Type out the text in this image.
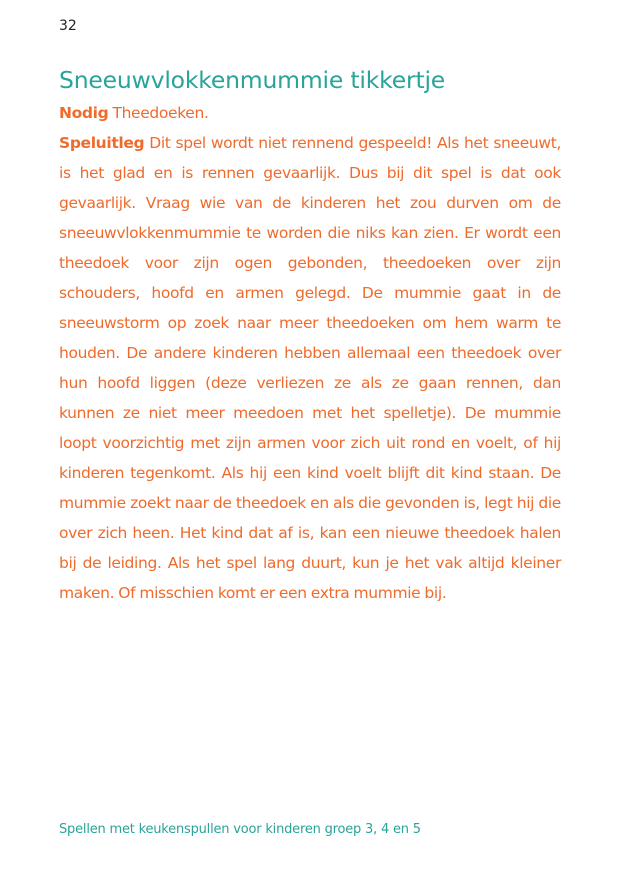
32
Sneeuwvlokkenmummie tikkertje

Nodig Theedoeken.

Speluitleg Dit spel wordt niet rennend gespeeld! Als het sneeuwt, is het glad en is rennen gevaarlijk. Dus bij dit spel is dat ook gevaarlijk. Vraag wie van de kinderen het zou durven om de sneeuwvlokkenmummie te worden die niks kan zien. Er wordt een theedoek voor zijn ogen gebonden, theedoeken over zijn schouders, hoofd en armen gelegd. De mummie gaat in de sneeuwstorm op zoek naar meer theedoeken om hem warm te houden. De andere kinderen hebben allemaal een theedoek over hun hoofd liggen (deze verliezen ze als ze gaan rennen, dan kunnen ze niet meer meedoen met het spelletje). De mummie loopt voorzichtig met zijn armen voor zich uit rond en voelt, of hij kinderen tegenkomt. Als hij een kind voelt blijft dit kind staan. De mummie zoekt naar de theedoek en als die gevonden is, legt hij die over zich heen. Het kind dat af is, kan een nieuwe theedoek halen bij de leiding. Als het spel lang duurt, kun je het vak altijd kleiner maken. Of misschien komt er een extra mummie bij.

Spellen met keukenspullen voor kinderen groep 3, 4 en 5
